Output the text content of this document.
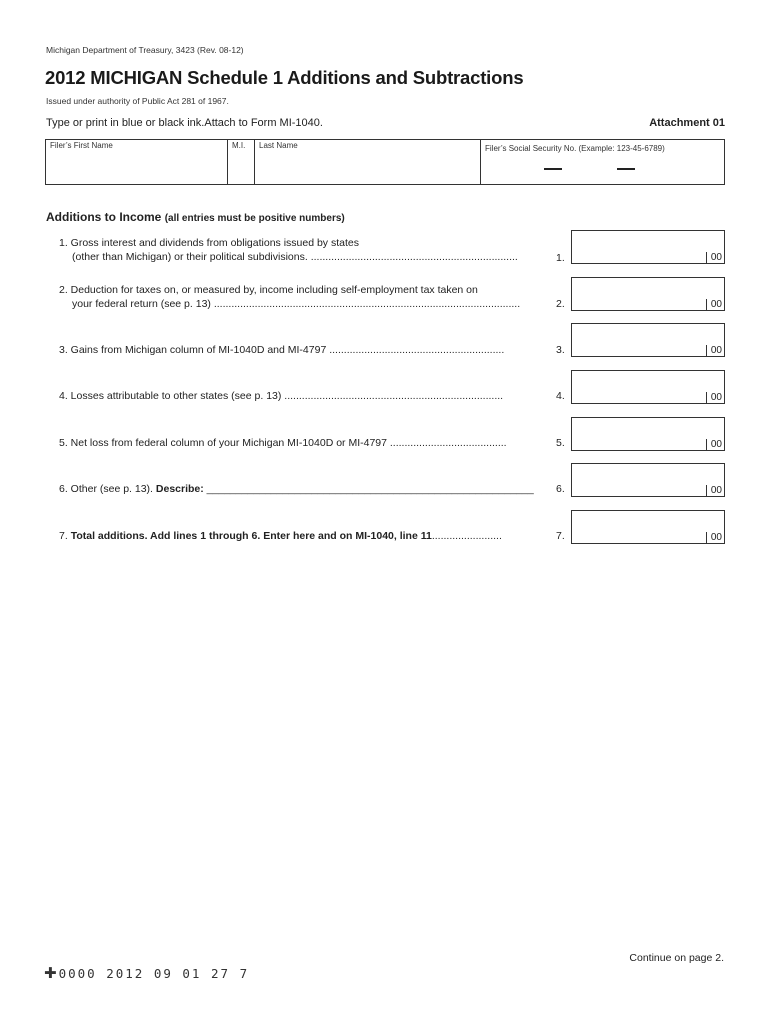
Michigan Department of Treasury, 3423 (Rev. 08-12)
2012 MICHIGAN Schedule 1 Additions and Subtractions
Issued under authority of Public Act 281 of 1967.
Type or print in blue or black ink.Attach to Form MI-1040.	Attachment 01
Filer’s First Name	M.I. Last Name	Filer’s Social Security No. (Example: 123-45-6789)
Additions to Income (all entries must be positive numbers)
1. Gross interest and dividends from obligations issued by states
(other than Michigan) or their political subdivisions. .......................................................................	1.	00
2. Deduction for taxes on, or measured by, income including self-employment tax taken on
your federal return (see p. 13) .........................................................................................................	2.	00
3. Gains from Michigan column of MI-1040D and MI-4797 ............................................................	3.	00
4. Losses attributable to other states (see p. 13) ...........................................................................	4.	00
5. Net loss from federal column of your Michigan MI-1040D or MI-4797 ........................................	5.	00
6. Other (see p. 13). Describe: ________________________________________________________	6.	00
7. Total additions. Add lines 1 through 6. Enter here and on MI-1040, line 11........................	7.	00
Continue on page 2.
✚ 0000 2012 09 01 27 7
